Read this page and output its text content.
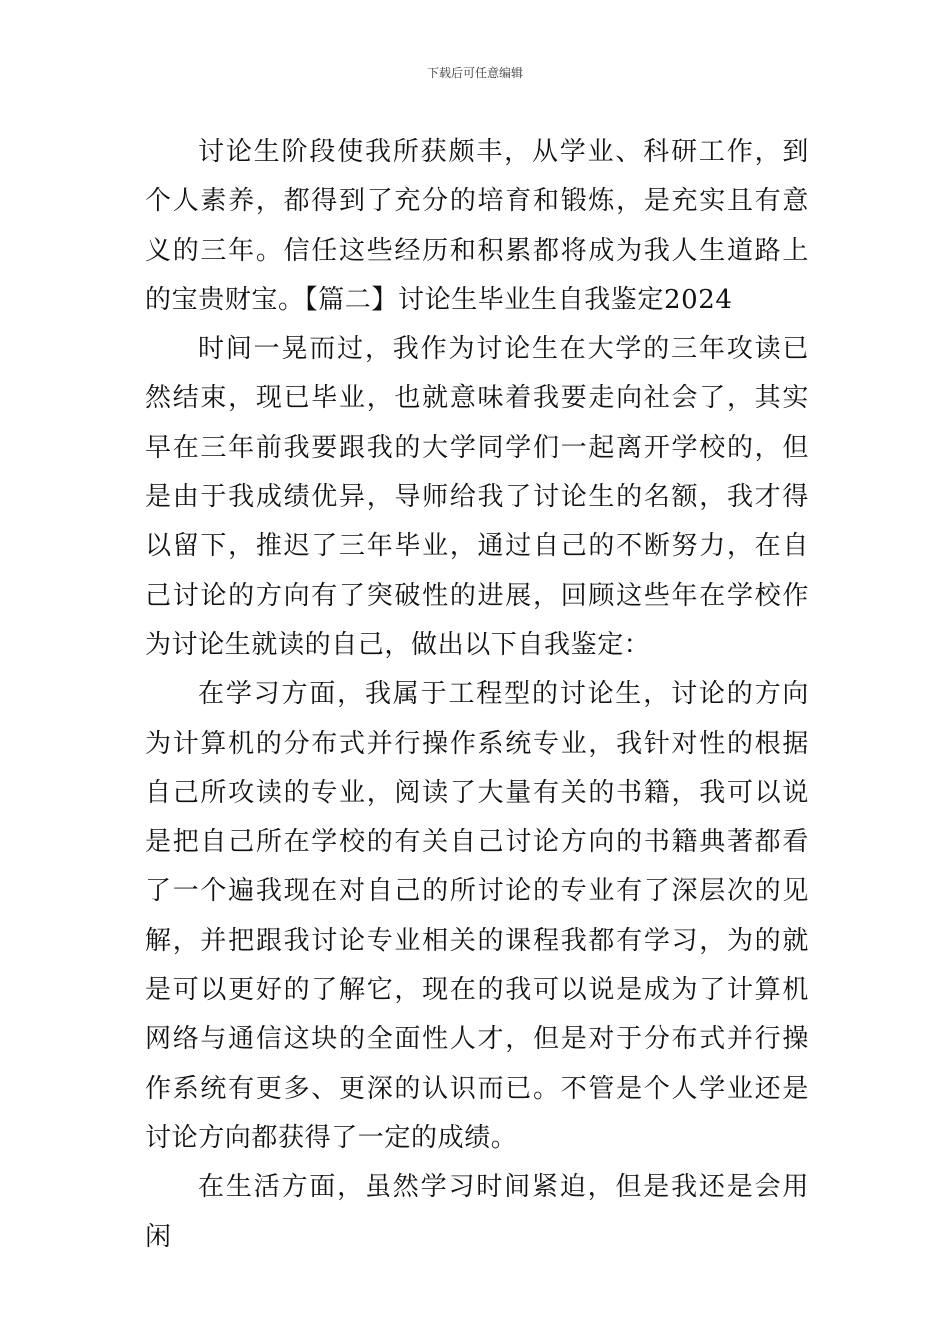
下载后可任意编辑

讨论生阶段使我所获颇丰，从学业、科研工作，到个人素养，都得到了充分的培育和锻炼，是充实且有意义的三年。信任这些经历和积累都将成为我人生道路上的宝贵财宝。【篇二】讨论生毕业生自我鉴定2024

时间一晃而过，我作为讨论生在大学的三年攻读已然结束，现已毕业，也就意味着我要走向社会了，其实早在三年前我要跟我的大学同学们一起离开学校的，但是由于我成绩优异，导师给我了讨论生的名额，我才得以留下，推迟了三年毕业，通过自己的不断努力，在自己讨论的方向有了突破性的进展，回顾这些年在学校作为讨论生就读的自己，做出以下自我鉴定：

在学习方面，我属于工程型的讨论生，讨论的方向为计算机的分布式并行操作系统专业，我针对性的根据自己所攻读的专业，阅读了大量有关的书籍，我可以说是把自己所在学校的有关自己讨论方向的书籍典著都看了一个遍我现在对自己的所讨论的专业有了深层次的见解，并把跟我讨论专业相关的课程我都有学习，为的就是可以更好的了解它，现在的我可以说是成为了计算机网络与通信这块的全面性人才，但是对于分布式并行操作系统有更多、更深的认识而已。不管是个人学业还是讨论方向都获得了一定的成绩。

在生活方面，虽然学习时间紧迫，但是我还是会用闲
